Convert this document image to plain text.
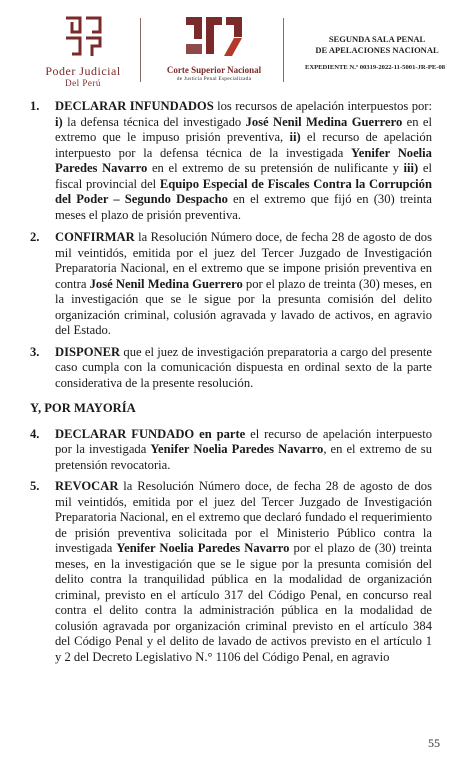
Poder Judicial
Del Perú
Corte Superior Nacional
de Justicia Penal Especializada
SEGUNDA SALA PENAL
DE APELACIONES NACIONAL
EXPEDIENTE N.º 00319-2022-11-5001-JR-PE-08
1. DECLARAR INFUNDADOS los recursos de apelación interpuestos por: i) la defensa técnica del investigado José Nenil Medina Guerrero en el extremo que le impuso prisión preventiva, ii) el recurso de apelación interpuesto por la defensa técnica de la investigada Yenifer Noelia Paredes Navarro en el extremo de su pretensión de nulificante y iii) el fiscal provincial del Equipo Especial de Fiscales Contra la Corrupción del Poder – Segundo Despacho en el extremo que fijó en (30) treinta meses el plazo de prisión preventiva.
2. CONFIRMAR la Resolución Número doce, de fecha 28 de agosto de dos mil veintidós, emitida por el juez del Tercer Juzgado de Investigación Preparatoria Nacional, en el extremo que se impone prisión preventiva en contra José Nenil Medina Guerrero por el plazo de treinta (30) meses, en la investigación que se le sigue por la presunta comisión del delito organización criminal, colusión agravada y lavado de activos, en agravio del Estado.
3. DISPONER que el juez de investigación preparatoria a cargo del presente caso cumpla con la comunicación dispuesta en ordinal sexto de la parte considerativa de la presente resolución.
Y, POR MAYORÍA
4. DECLARAR FUNDADO en parte el recurso de apelación interpuesto por la investigada Yenifer Noelia Paredes Navarro, en el extremo de su pretensión revocatoria.
5. REVOCAR la Resolución Número doce, de fecha 28 de agosto de dos mil veintidós, emitida por el juez del Tercer Juzgado de Investigación Preparatoria Nacional, en el extremo que declaró fundado el requerimiento de prisión preventiva solicitada por el Ministerio Público contra la investigada Yenifer Noelia Paredes Navarro por el plazo de (30) treinta meses, en la investigación que se le sigue por la presunta comisión del delito contra la tranquilidad pública en la modalidad de organización criminal, previsto en el artículo 317 del Código Penal, en concurso real contra el delito contra la administración pública en la modalidad de colusión agravada por organización criminal previsto en el artículo 384 del Código Penal y el delito de lavado de activos previsto en el artículo 1 y 2 del Decreto Legislativo N.° 1106 del Código Penal, en agravio
55
